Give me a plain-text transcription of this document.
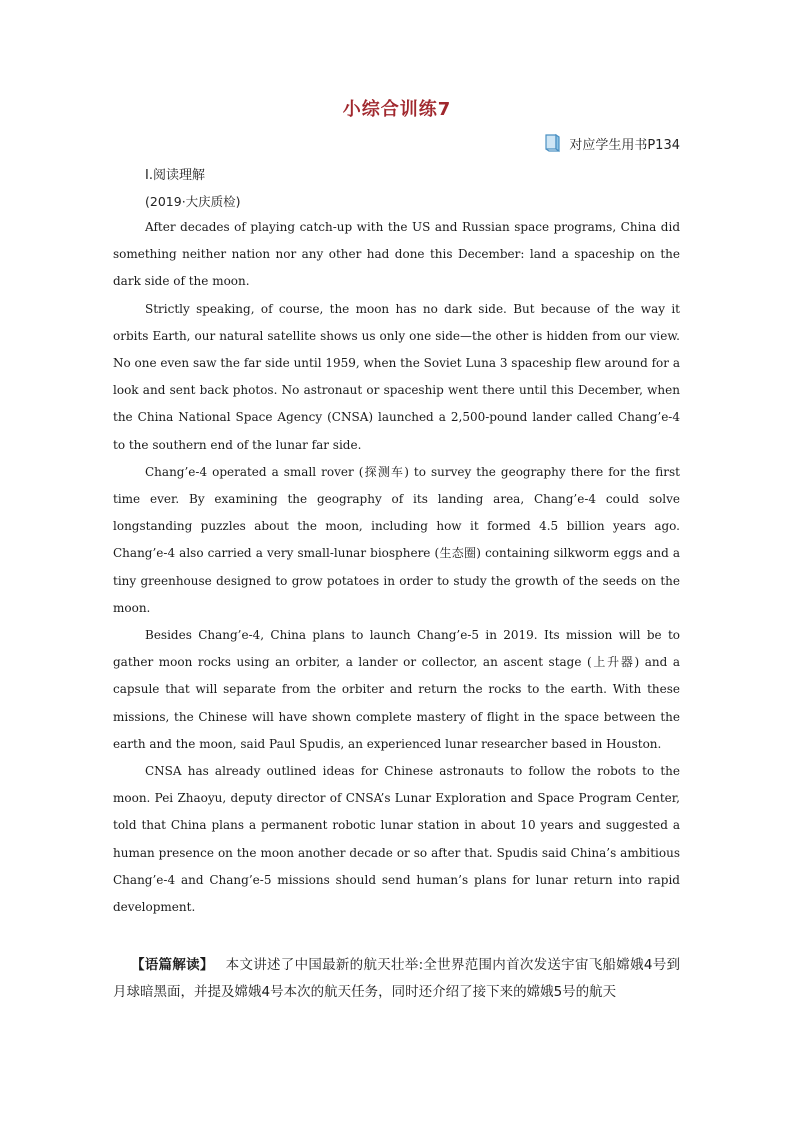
小综合训练7
对应学生用书P134
Ⅰ.阅读理解
(2019·大庆质检)

After decades of playing catch-up with the US and Russian space programs, China did something neither nation nor any other had done this December: land a spaceship on the dark side of the moon.

Strictly speaking, of course, the moon has no dark side. But because of the way it orbits Earth, our natural satellite shows us only one side—the other is hidden from our view. No one even saw the far side until 1959, when the Soviet Luna 3 spaceship flew around for a look and sent back photos. No astronaut or spaceship went there until this December, when the China National Space Agency (CNSA) launched a 2,500-pound lander called Chang’e-4 to the southern end of the lunar far side.

Chang’e-4 operated a small rover (探测车) to survey the geography there for the first time ever. By examining the geography of its landing area, Chang’e-4 could solve longstanding puzzles about the moon, including how it formed 4.5 billion years ago. Chang’e-4 also carried a very small-lunar biosphere (生态圈) containing silkworm eggs and a tiny greenhouse designed to grow potatoes in order to study the growth of the seeds on the moon.

Besides Chang’e-4, China plans to launch Chang’e-5 in 2019. Its mission will be to gather moon rocks using an orbiter, a lander or collector, an ascent stage (上升器) and a capsule that will separate from the orbiter and return the rocks to the earth. With these missions, the Chinese will have shown complete mastery of flight in the space between the earth and the moon, said Paul Spudis, an experienced lunar researcher based in Houston.

CNSA has already outlined ideas for Chinese astronauts to follow the robots to the moon. Pei Zhaoyu, deputy director of CNSA’s Lunar Exploration and Space Program Center, told that China plans a permanent robotic lunar station in about 10 years and suggested a human presence on the moon another decade or so after that. Spudis said China’s ambitious Chang’e-4 and Chang’e-5 missions should send human’s plans for lunar return into rapid development.

【语篇解读】 本文讲述了中国最新的航天壮举:全世界范围内首次发送宇宙飞船嫦娥4号到月球暗黑面，并提及嫦娥4号本次的航天任务，同时还介绍了接下来的嫦娥5号的航天
